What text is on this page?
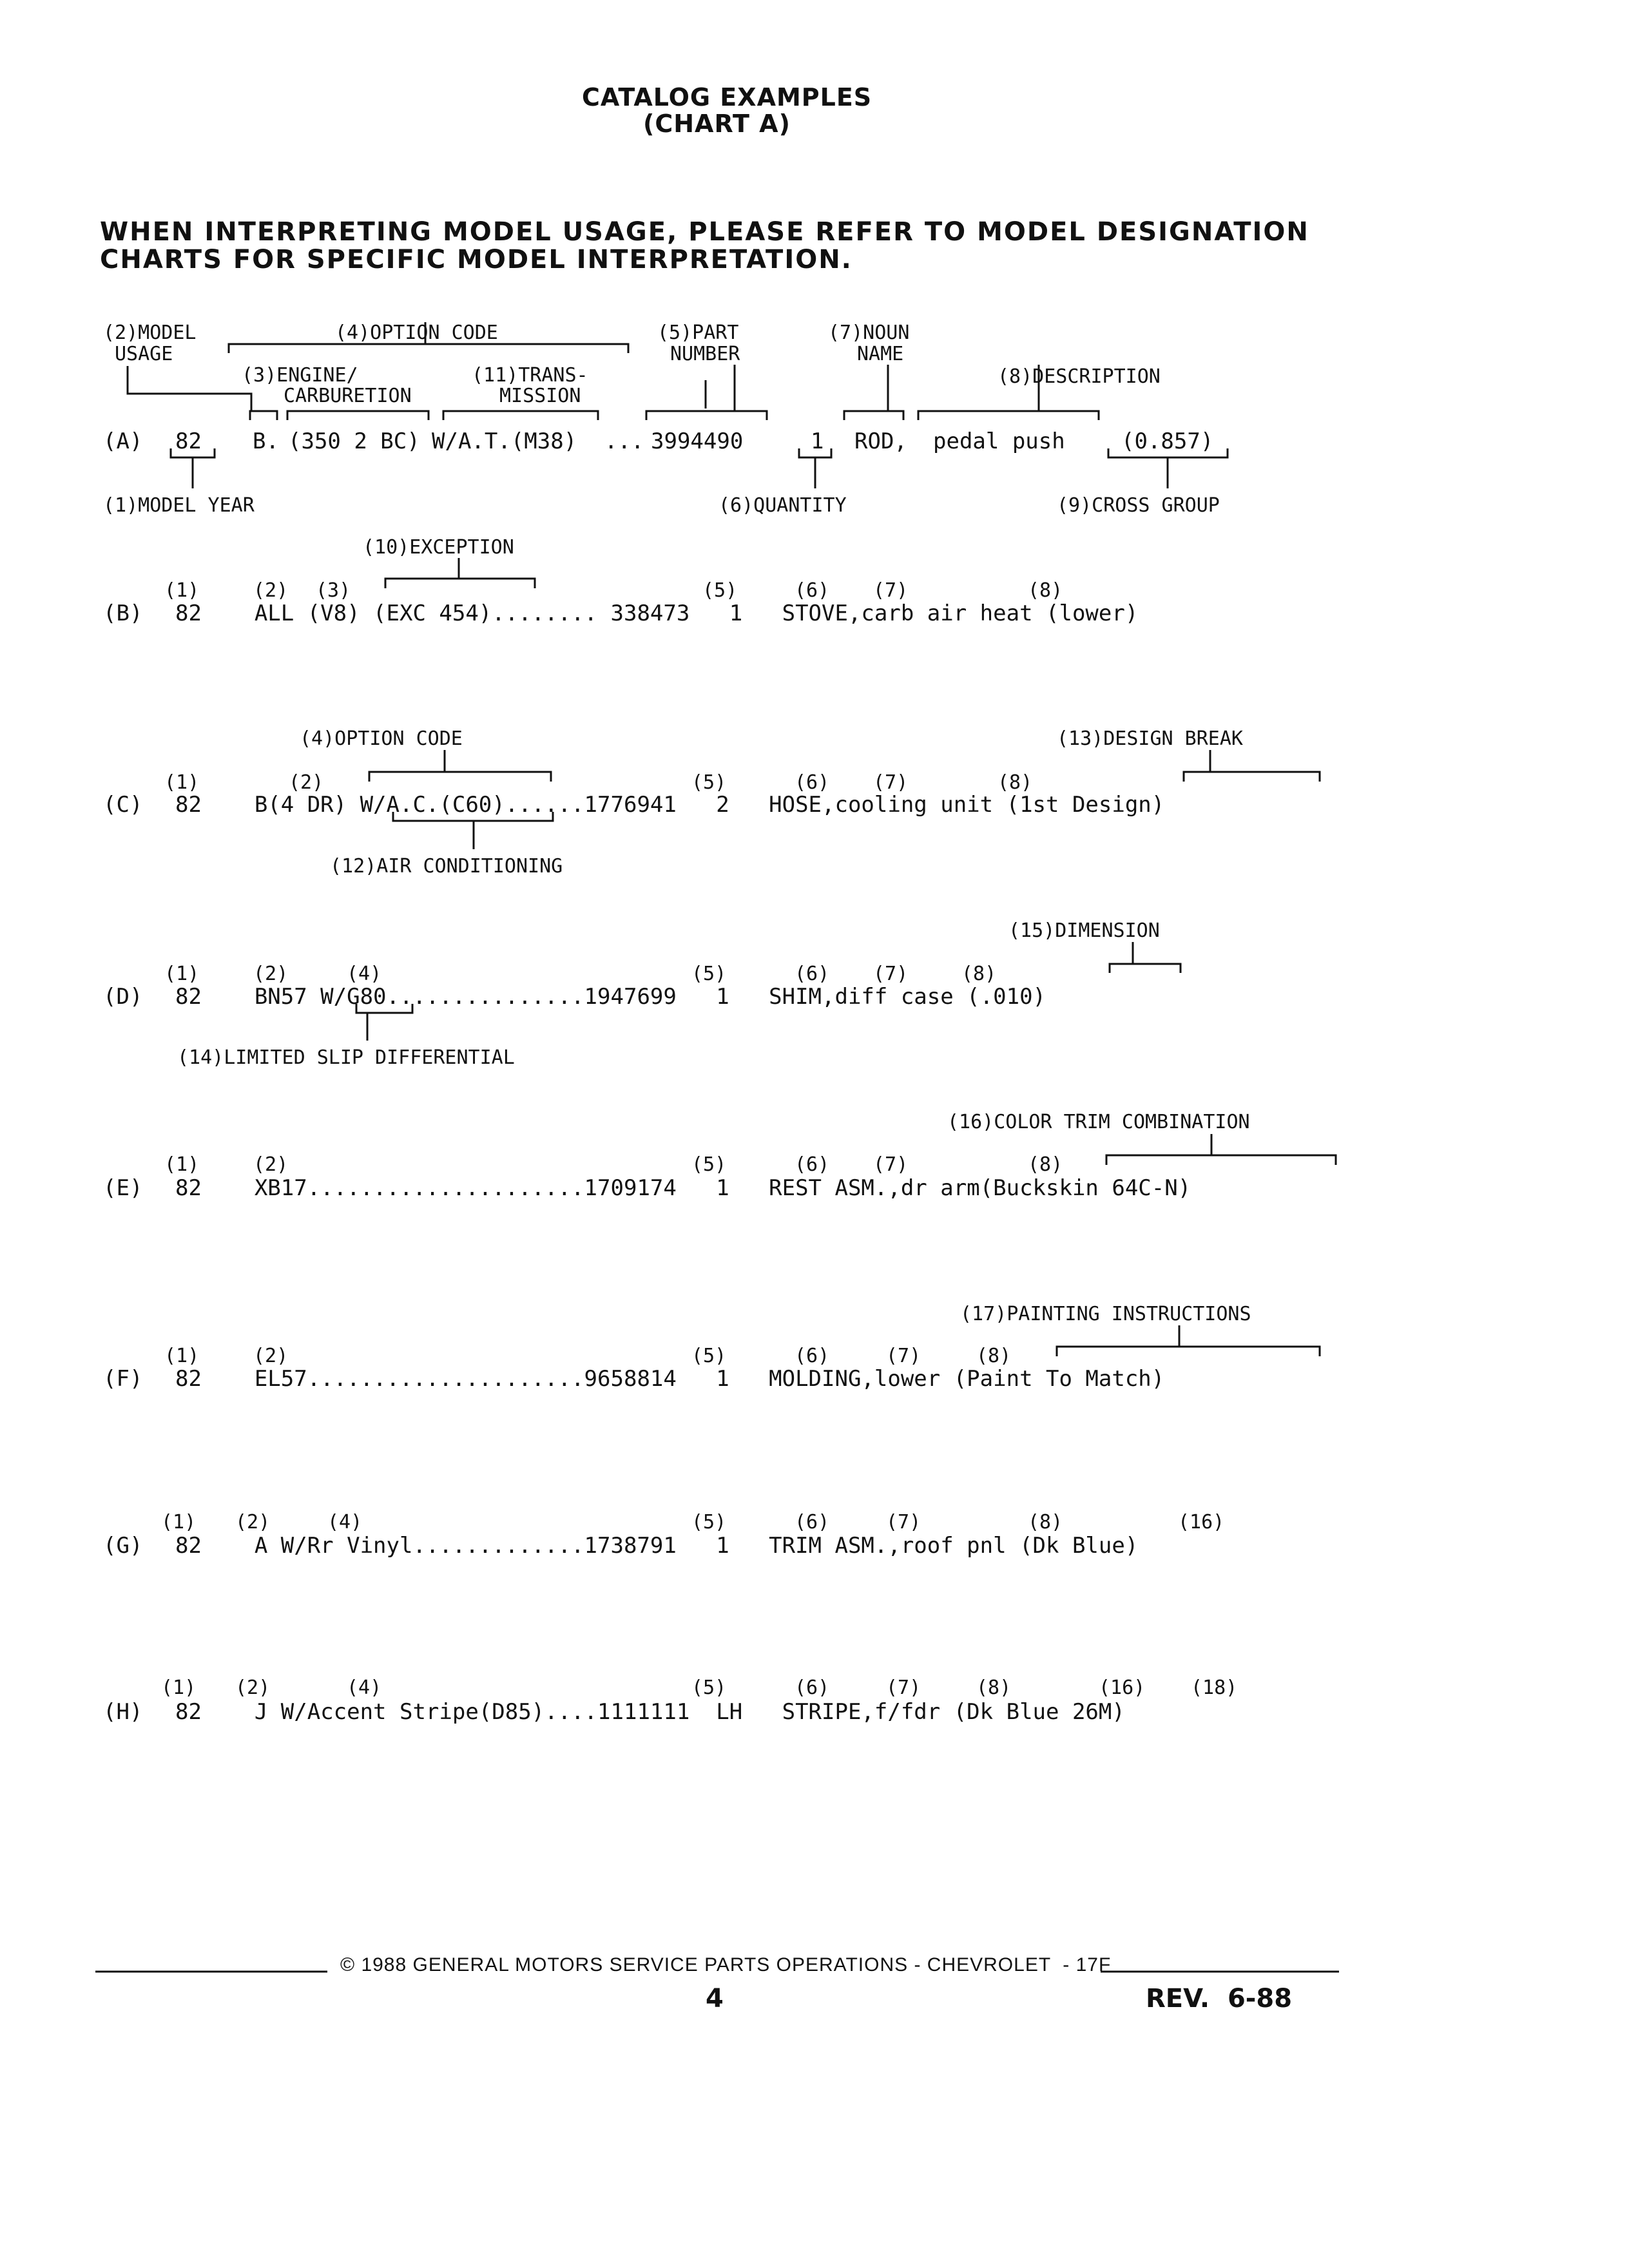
CATALOG EXAMPLES
(CHART A)
WHEN INTERPRETING MODEL USAGE, PLEASE REFER TO MODEL DESIGNATION
CHARTS FOR SPECIFIC MODEL INTERPRETATION.
(2)MODEL
USAGE
(4)OPTION CODE	(5)PART
NUMBER
(7)NOUN
NAME
(3)ENGINE/
CARBURETION
(11)TRANS-
MISSION
(8)DESCRIPTION
(A) 82 B. (350 2 BC) W/A.T.(M38) ... 3994490	1 ROD, pedal push	(0.857)
(1)MODEL YEAR	(6)QUANTITY	(9)CROSS GROUP
(10)EXCEPTION
(1)	(2) (3)	(5)	(6) (7)	(8)
(B) 82    ALL (V8) (EXC 454)........ 338473   1   STOVE,carb air heat (lower)
(4)OPTION CODE	(13)DESIGN BREAK
(1)	(2)	(5)	(6) (7)	(8)
(C) 82    B(4 DR) W/A.C.(C60)......1776941   2   HOSE,cooling unit (1st Design)
(12)AIR CONDITIONING
(15)DIMENSION
(1)	(2)	(4)	(5)	(6) (7)	(8)
(D) 82    BN57 W/G80...............1947699   1   SHIM,diff case (.010)
(14)LIMITED SLIP DIFFERENTIAL
(16)COLOR TRIM COMBINATION
(1)	(2)	(5)	(6) (7)	(8)
(E) 82    XB17.....................1709174   1   REST ASM.,dr arm(Buckskin 64C-N)
(17)PAINTING INSTRUCTIONS
(1)	(2)	(5)	(6)	(7)	(8)
(F) 82    EL57.....................9658814   1   MOLDING,lower (Paint To Match)
(1) (2)	(4)	(5)	(6)	(7)	(8)	(16)
(G) 82    A W/Rr Vinyl.............1738791   1   TRIM ASM.,roof pnl (Dk Blue)
(1) (2)	(4)	(5)	(6)	(7)	(8)	(16) (18)
(H) 82    J W/Accent Stripe(D85)....1111111  LH   STRIPE,f/fdr (Dk Blue 26M)
© 1988 GENERAL MOTORS SERVICE PARTS OPERATIONS - CHEVROLET  - 17F
4	REV.  6-88
